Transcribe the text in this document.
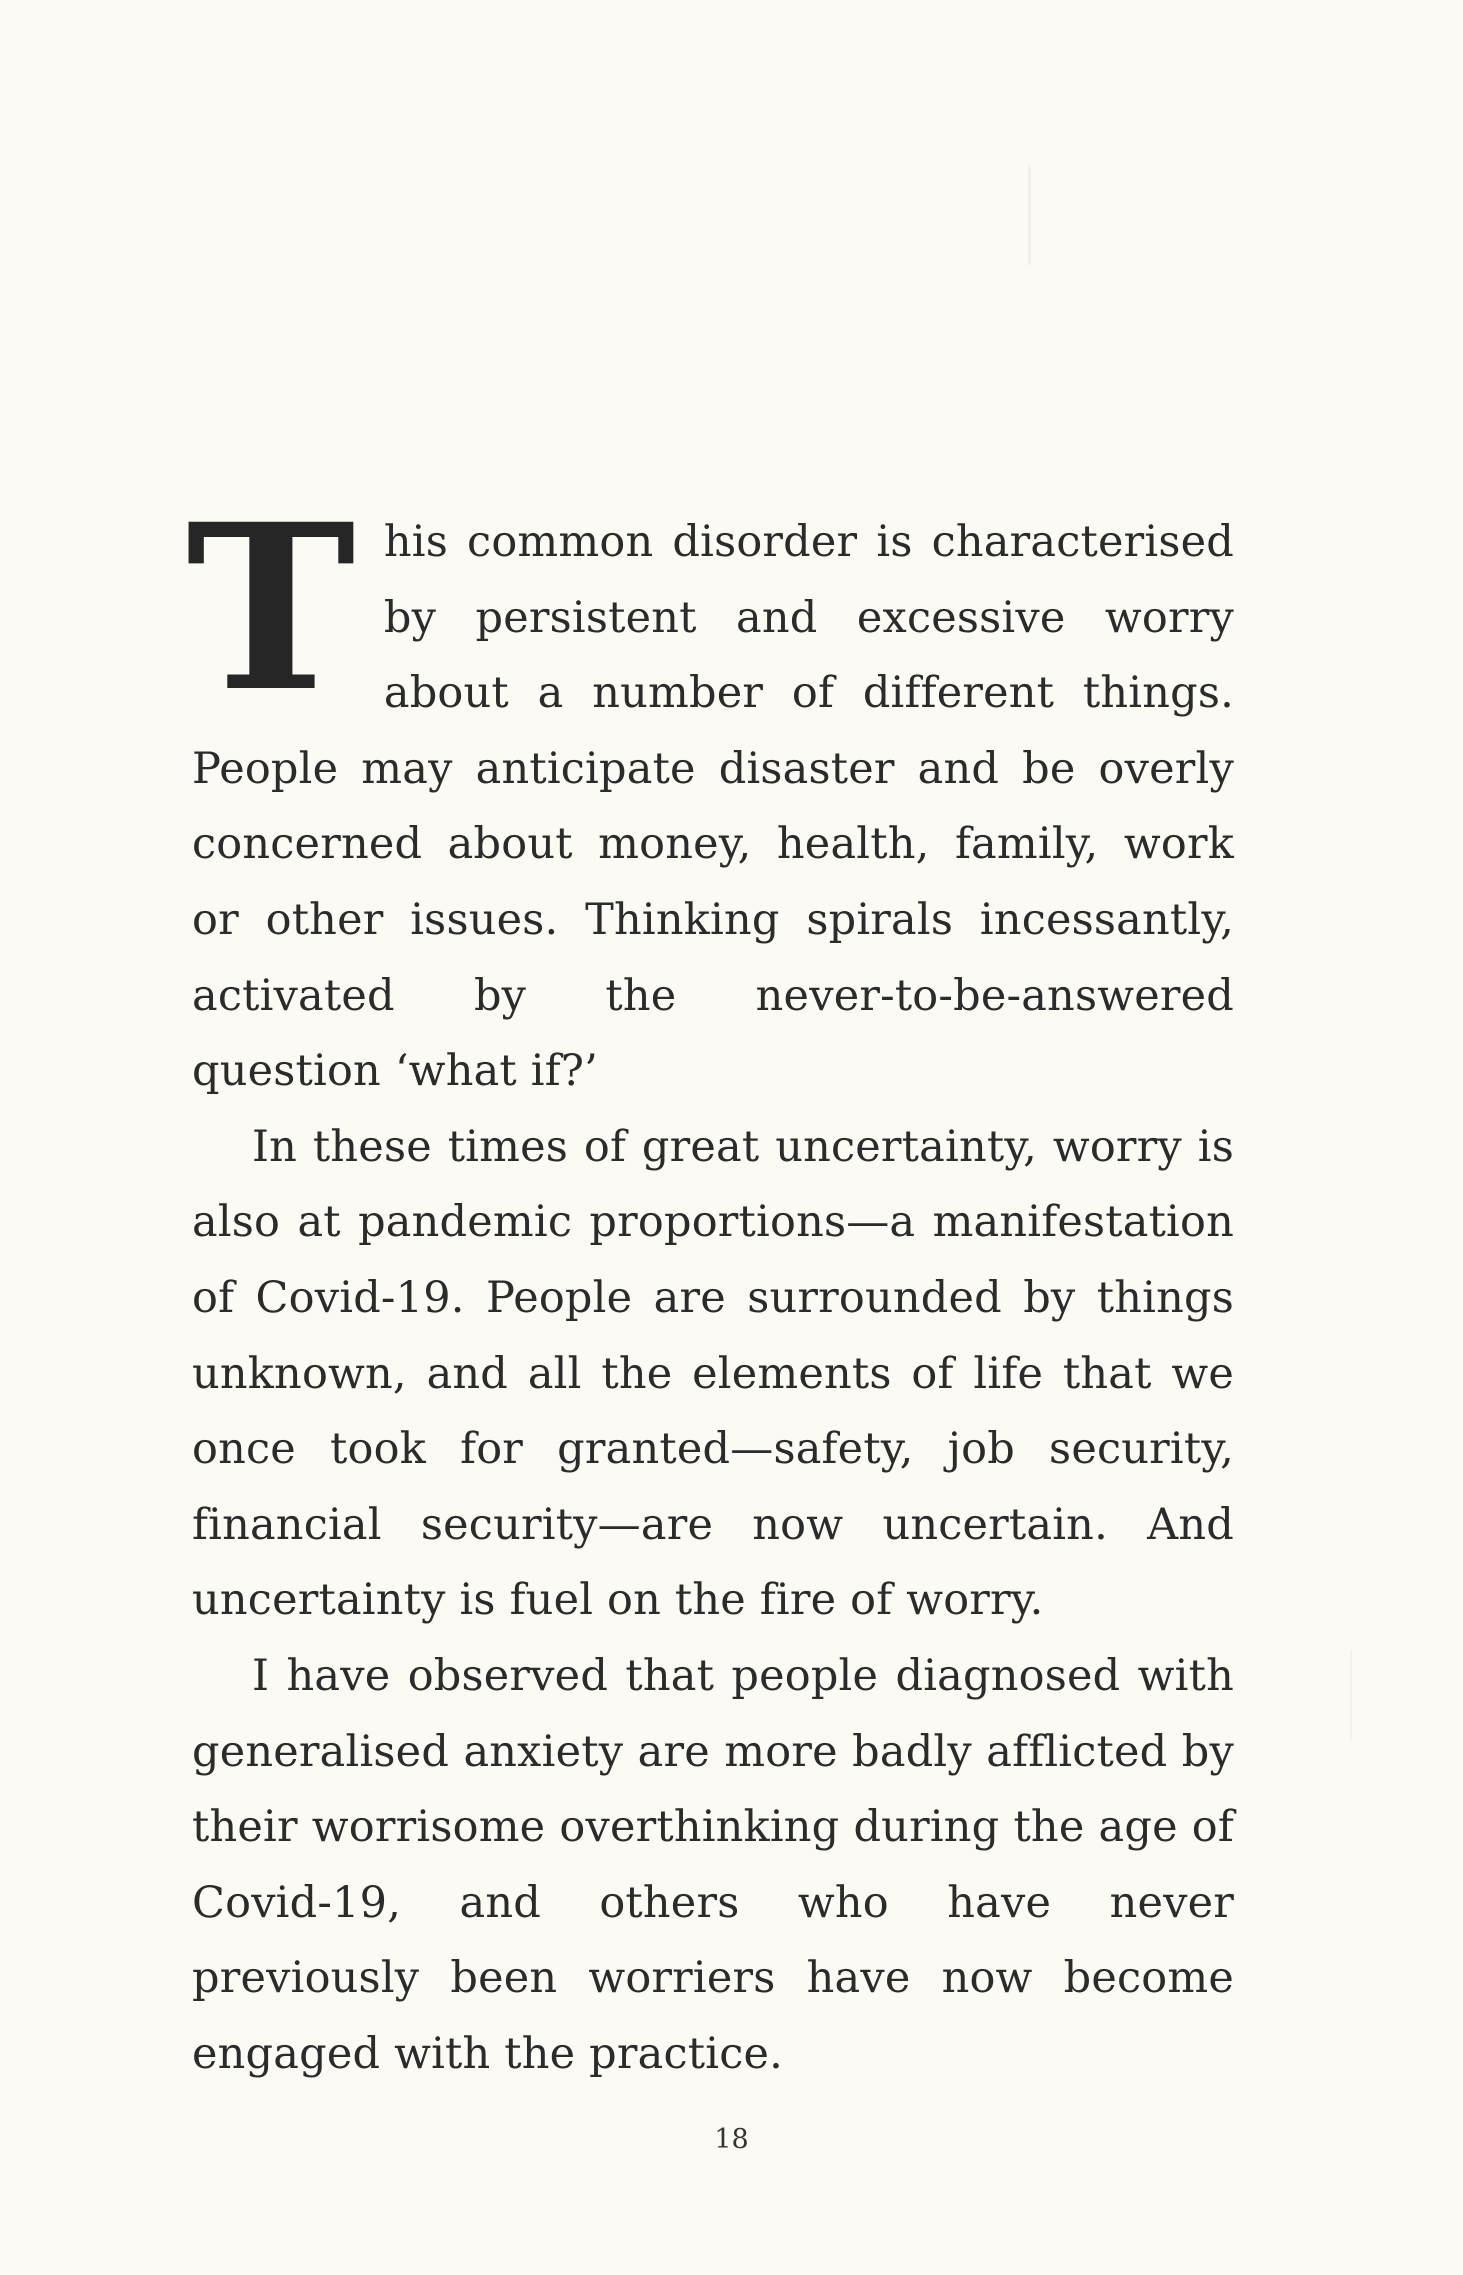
This common disorder is characterised by persistent and excessive worry about a number of different things. People may anticipate disaster and be overly concerned about money, health, family, work or other issues. Thinking spirals incessantly, activated by the never-to-be-answered question ‘what if?’

In these times of great uncertainty, worry is also at pandemic proportions—a manifestation of Covid-19. People are surrounded by things unknown, and all the elements of life that we once took for granted—safety, job security, financial security—are now uncertain. And uncertainty is fuel on the fire of worry.

I have observed that people diagnosed with generalised anxiety are more badly afflicted by their worrisome overthinking during the age of Covid-19, and others who have never previously been worriers have now become engaged with the practice.

18
